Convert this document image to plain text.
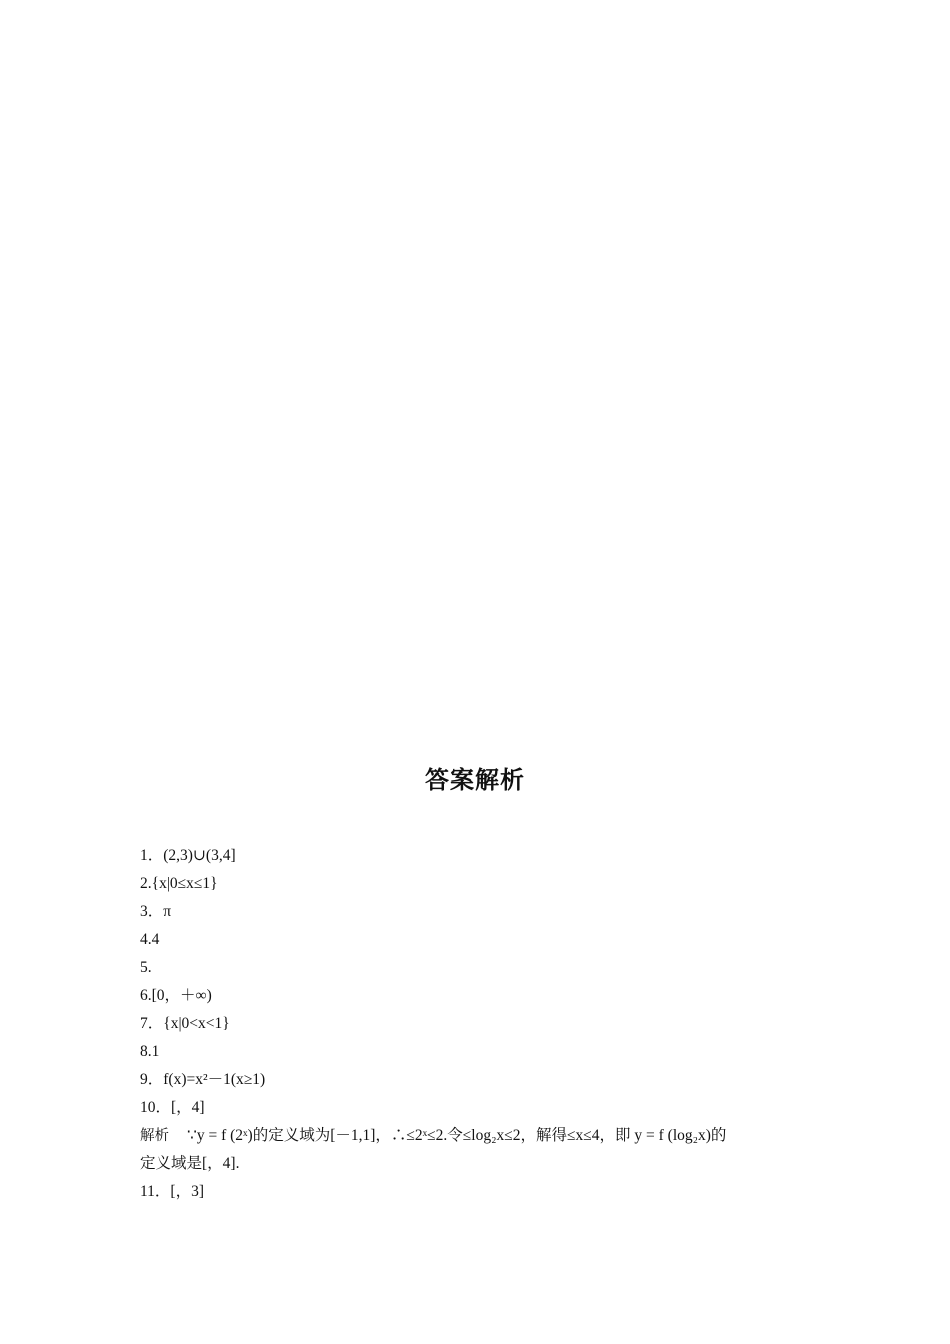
答案解析
1．(2,3)∪(3,4]
2.{x|0≤x≤1}
3．π
4.4
5.
6.[0，＋∞)
7．{x|0<x<1}
8.1
9．f(x)=x²－1(x≥1)
10．[，4]
解析 ∵y = f (2ˣ)的定义域为[－1,1]，∴≤2ˣ≤2.令≤log₂x≤2，解得≤x≤4，即 y = f (log₂x)的
定义域是[，4].
11．[，3]
